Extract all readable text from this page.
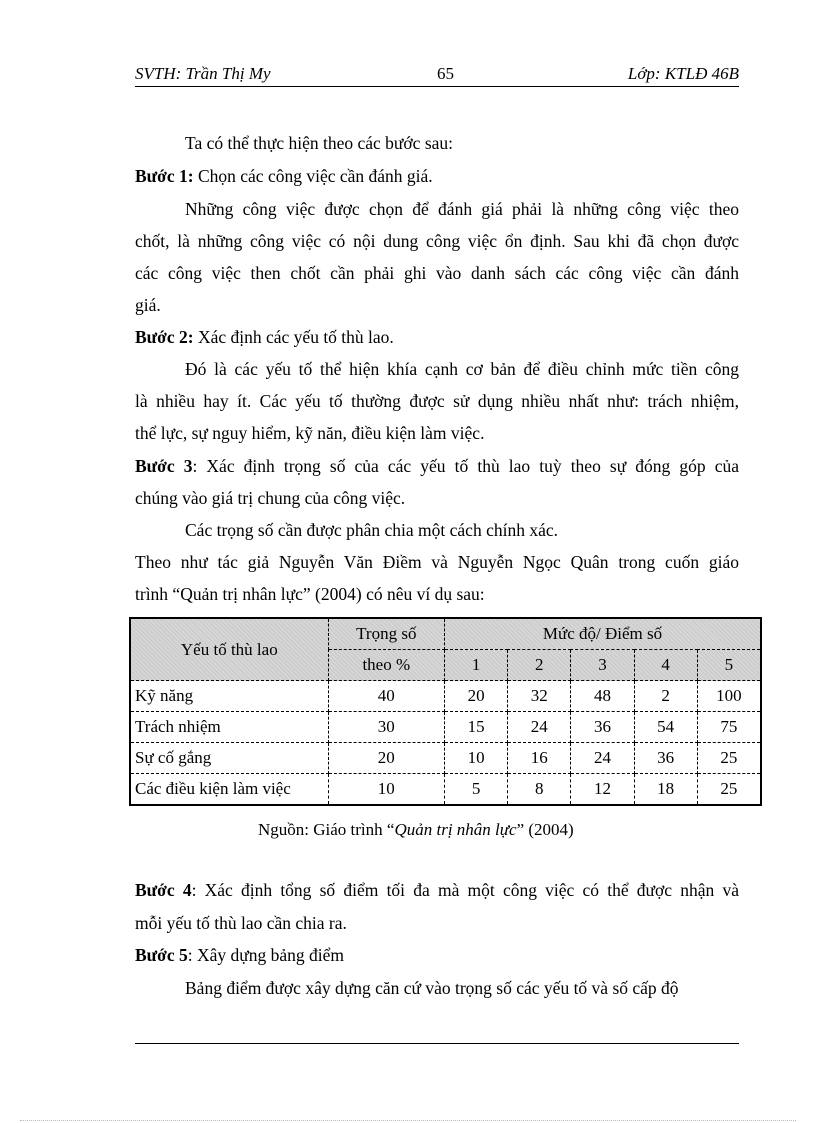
SVTH: Trần Thị My	65	Lớp: KTLĐ 46B
Ta có thể thực hiện theo các bước sau:
Bước 1: Chọn các công việc cần đánh giá.
Những công việc được chọn để đánh giá phải là những công việc theo
chốt, là những công việc có nội dung công việc ổn định. Sau khi đã chọn được
các công việc then chốt cần phải ghi vào danh sách các công việc cần đánh
giá.
Bước 2: Xác định các yếu tố thù lao.
Đó là các yếu tố thể hiện khía cạnh cơ bản để điều chỉnh mức tiền công
là nhiều hay ít. Các yếu tố thường được sử dụng nhiều nhất như: trách nhiệm,
thể lực, sự nguy hiểm, kỹ năn, điều kiện làm việc.
Bước 3: Xác định trọng số của các yếu tố thù lao tuỳ theo sự đóng góp của
chúng vào giá trị chung của công việc.
Các trọng số cần được phân chia một cách chính xác.
Theo như tác giả Nguyễn Văn Điềm và Nguyễn Ngọc Quân trong cuốn giáo
trình “Quản trị nhân lực” (2004) có nêu ví dụ sau:
Yếu tố thù lao	Trọng số	Mức độ/ Điểm số				
	theo %	1	2	3	4	5
Kỹ năng	40	20	32	48	2	100
Trách nhiệm	30	15	24	36	54	75
Sự cố gắng	20	10	16	24	36	25
Các điều kiện làm việc	10	5	8	12	18	25
Nguồn: Giáo trình “Quản trị nhân lực” (2004)
Bước 4: Xác định tổng số điểm tối đa mà một công việc có thể được nhận và
mỗi yếu tố thù lao cần chia ra.
Bước 5: Xây dựng bảng điểm
Bảng điểm được xây dựng căn cứ vào trọng số các yếu tố và số cấp độ
